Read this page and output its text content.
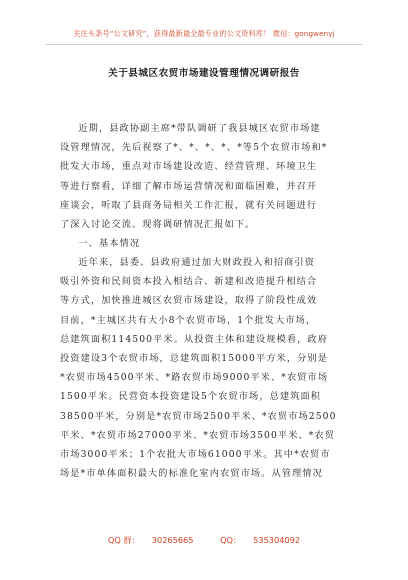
关注头条号“公文研究”，获得最新最全最专业的公文资料库！ 微信：gongwenyj
关于县城区农贸市场建设管理情况调研报告
近期，县政协副主席*带队调研了我县城区农贸市场建
设管理情况，先后视察了*、*、*、*、*等5个农贸市场和*
批发大市场，重点对市场建设改造、经营管理、环境卫生
等进行察看，详细了解市场运营情况和面临困难，并召开
座谈会，听取了县商务局相关工作汇报，就有关问题进行
了深入讨论交流。现将调研情况汇报如下。
一、基本情况
近年来，县委、县政府通过加大财政投入和招商引资
吸引外资和民间资本投入相结合、新建和改造提升相结合
等方式，加快推进城区农贸市场建设，取得了阶段性成效
目前，*主城区共有大小8个农贸市场，1个批发大市场，
总建筑面积114500平米。从投资主体和建设规模看，政府
投资建设3个农贸市场，总建筑面积15000平方米，分别是
*农贸市场4500平米、*路农贸市场9000平米、*农贸市场
1500平米。民营资本投资建设5个农贸市场，总建筑面积
38500平米，分别是*农贸市场2500平米、*农贸市场2500
平米、*农贸市场27000平米、*农贸市场3500平米、*农贸
市场3000平米；1个农批大市场61000平米。其中*农贸市
场是*市单体面积最大的标准化室内农贸市场。从管理情况
QQ 群： 30265665	QQ： 535304092
